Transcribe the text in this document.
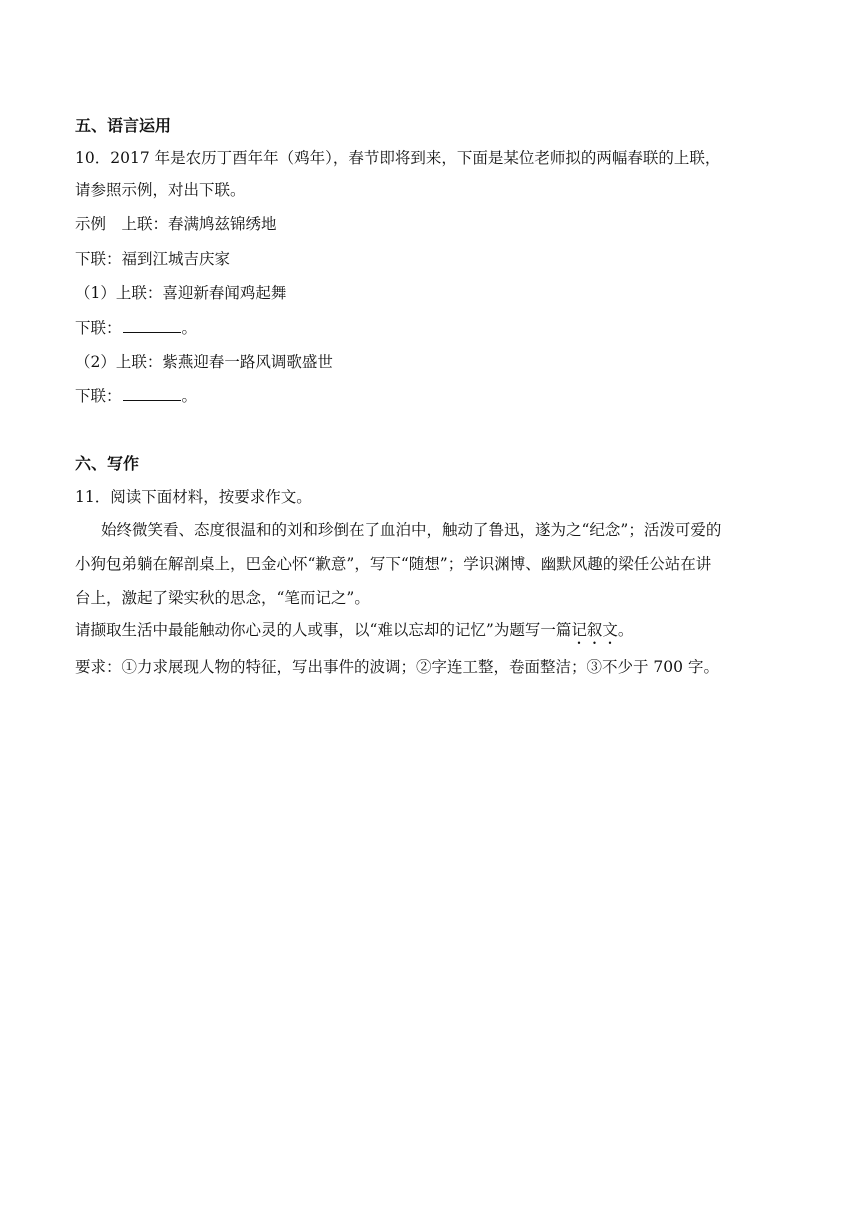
五、语言运用
10．2017 年是农历丁酉年年（鸡年），春节即将到来，下面是某位老师拟的两幅春联的上联，
请参照示例，对出下联。
示例　上联：春满鸠兹锦绣地
下联：福到江城吉庆家
（1）上联：喜迎新春闻鸡起舞
下联：	。
（2）上联：紫燕迎春一路风调歌盛世
下联：	。
六、写作
11．阅读下面材料，按要求作文。
始终微笑看、态度很温和的刘和珍倒在了血泊中，触动了鲁迅，遂为之“纪念”；活泼可爱的
小狗包弟躺在解剖桌上，巴金心怀“歉意”，写下“随想”；学识渊博、幽默风趣的梁任公站在讲
台上，激起了梁实秋的思念，“笔而记之”。
请撷取生活中最能触动你心灵的人或事，以“难以忘却的记忆”为题写一篇记叙文。
要求：①力求展现人物的特征，写出事件的波调；②字连工整，卷面整洁；③不少于 700 字。
